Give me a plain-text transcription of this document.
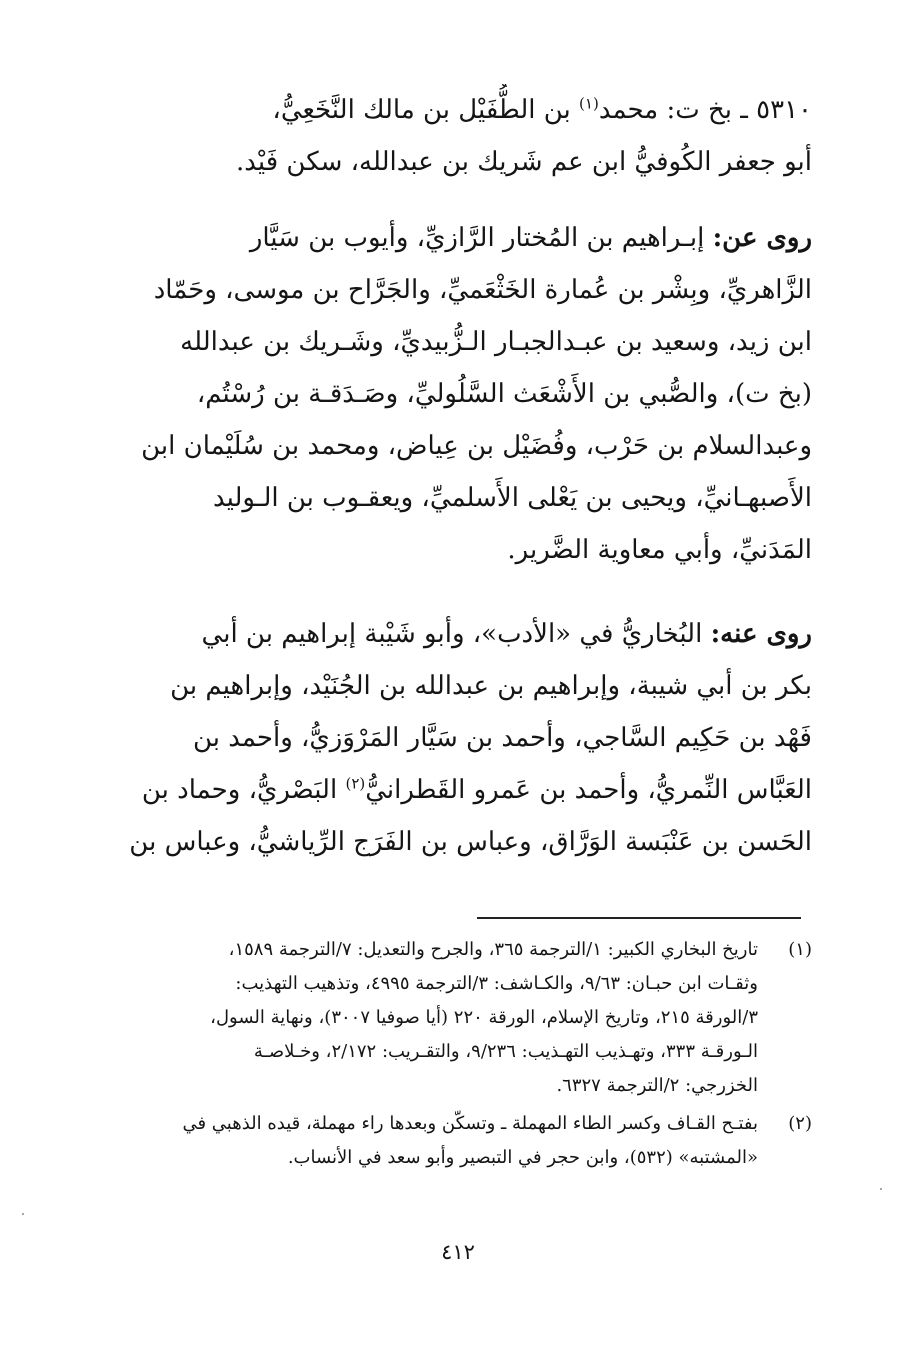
٥٣١٠ ـ بخ ت: محمد$^{(١)}$ بن الطُّفَيْل بن مالك النَّخَعِيُّ،
أبو جعفر الكُوفيُّ ابن عم شَريك بن عبدالله، سكن فَيْد.
روى عن: إبـراهيم بن المُختار الرَّازيِّ، وأيوب بن سَيَّار
الزَّاهريِّ، وبِشْر بن عُمارة الخَثْعَميِّ، والجَرَّاح بن موسى، وحَمّاد
ابن زيد، وسعيد بن عبـدالجبـار الـزُّبيديِّ، وشَـريك بن عبدالله
(بخ ت)، والصُّبي بن الأَشْعَث السَّلُوليِّ، وصَـدَقـة بن رُسْتُم،
وعبدالسلام بن حَرْب، وفُضَيْل بن عِياض، ومحمد بن سُلَيْمان ابن
الأَصبهـانيِّ، ويحيى بن يَعْلى الأَسلميِّ، ويعقـوب بن الـوليد
المَدَنيِّ، وأبي معاوية الضَّرير.
روى عنه: البُخاريُّ في «الأدب»، وأبو شَيْبة إبراهيم بن أبي
بكر بن أبي شيبة، وإبراهيم بن عبدالله بن الجُنَيْد، وإبراهيم بن
فَهْد بن حَكِيم السَّاجي، وأحمد بن سَيَّار المَرْوَزيُّ، وأحمد بن
العَبَّاس النِّمريُّ، وأحمد بن عَمرو القَطرانيُّ$^{(٢)}$ البَصْريُّ، وحماد بن
الحَسن بن عَنْبَسة الوَرَّاق، وعباس بن الفَرَج الرِّياشيُّ، وعباس بن
(١)
تاريخ البخاري الكبير: ١/الترجمة ٣٦٥، والجرح والتعديل: ٧/الترجمة ١٥٨٩،
وثقـات ابن حبـان: ٩/٦٣، والكـاشف: ٣/الترجمة ٤٩٩٥، وتذهيب التهذيب:
٣/الورقة ٢١٥، وتاريخ الإسلام، الورقة ٢٢٠ (أيا صوفيا ٣٠٠٧)، ونهاية السول،
الـورقـة ٣٣٣، وتهـذيب التهـذيب: ٩/٢٣٦، والتقـريب: ٢/١٧٢، وخـلاصـة
الخزرجي: ٢/الترجمة ٦٣٢٧.
(٢)
بفتـح القـاف وكسر الطاء المهملة ـ وتسكّن وبعدها راء مهملة، قيده الذهبي في
«المشتبه» (٥٣٢)، وابن حجر في التبصير وأبو سعد في الأنساب.
٤١٢
